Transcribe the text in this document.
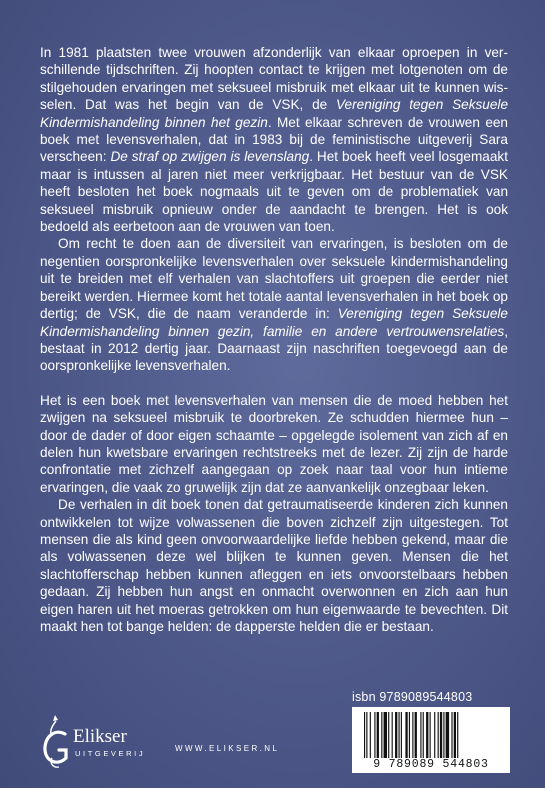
In 1981 plaatsten twee vrouwen afzonderlijk van elkaar oproepen in verschillende tijdschriften. Zij hoopten contact te krijgen met lotgenoten om de stilgehouden ervaringen met seksueel misbruik met elkaar uit te kunnen wisselen. Dat was het begin van de VSK, de Vereniging tegen Seksuele Kindermishandeling binnen het gezin. Met elkaar schreven de vrouwen een boek met levensverhalen, dat in 1983 bij de feministische uitgeverij Sara verscheen: De straf op zwijgen is levenslang. Het boek heeft veel losgemaakt maar is intussen al jaren niet meer verkrijgbaar. Het bestuur van de VSK heeft besloten het boek nogmaals uit te geven om de problematiek van seksueel misbruik opnieuw onder de aandacht te brengen. Het is ook bedoeld als eerbetoon aan de vrouwen van toen.

Om recht te doen aan de diversiteit van ervaringen, is besloten om de negentien oorspronkelijke levensverhalen over seksuele kindermishandeling uit te breiden met elf verhalen van slachtoffers uit groepen die eerder niet bereikt werden. Hiermee komt het totale aantal levensverhalen in het boek op dertig; de VSK, die de naam veranderde in: Vereniging tegen Seksuele Kindermishandeling binnen gezin, familie en andere vertrouwensrelaties, bestaat in 2012 dertig jaar. Daarnaast zijn naschriften toegevoegd aan de oorspronkelijke levensverhalen.

Het is een boek met levensverhalen van mensen die de moed hebben het zwijgen na seksueel misbruik te doorbreken. Ze schudden hiermee hun – door de dader of door eigen schaamte – opgelegde isolement van zich af en delen hun kwetsbare ervaringen rechtstreeks met de lezer. Zij zijn de harde confrontatie met zichzelf aangegaan op zoek naar taal voor hun intieme ervaringen, die vaak zo gruwelijk zijn dat ze aanvankelijk onzegbaar leken.

De verhalen in dit boek tonen dat getraumatiseerde kinderen zich kunnen ontwikkelen tot wijze volwassenen die boven zichzelf zijn uitgestegen. Tot mensen die als kind geen onvoorwaardelijke liefde hebben gekend, maar die als volwassenen deze wel blijken te kunnen geven. Mensen die het slachtofferschap hebben kunnen afleggen en iets onvoorstelbaars hebben gedaan. Zij hebben hun angst en onmacht overwonnen en zich aan hun eigen haren uit het moeras getrokken om hun eigenwaarde te bevechten. Dit maakt hen tot bange helden: de dapperste helden die er bestaan.

Elikser
UITGEVERIJ
WWW.ELIKSER.NL
isbn 9789089544803
9 789089 544803
